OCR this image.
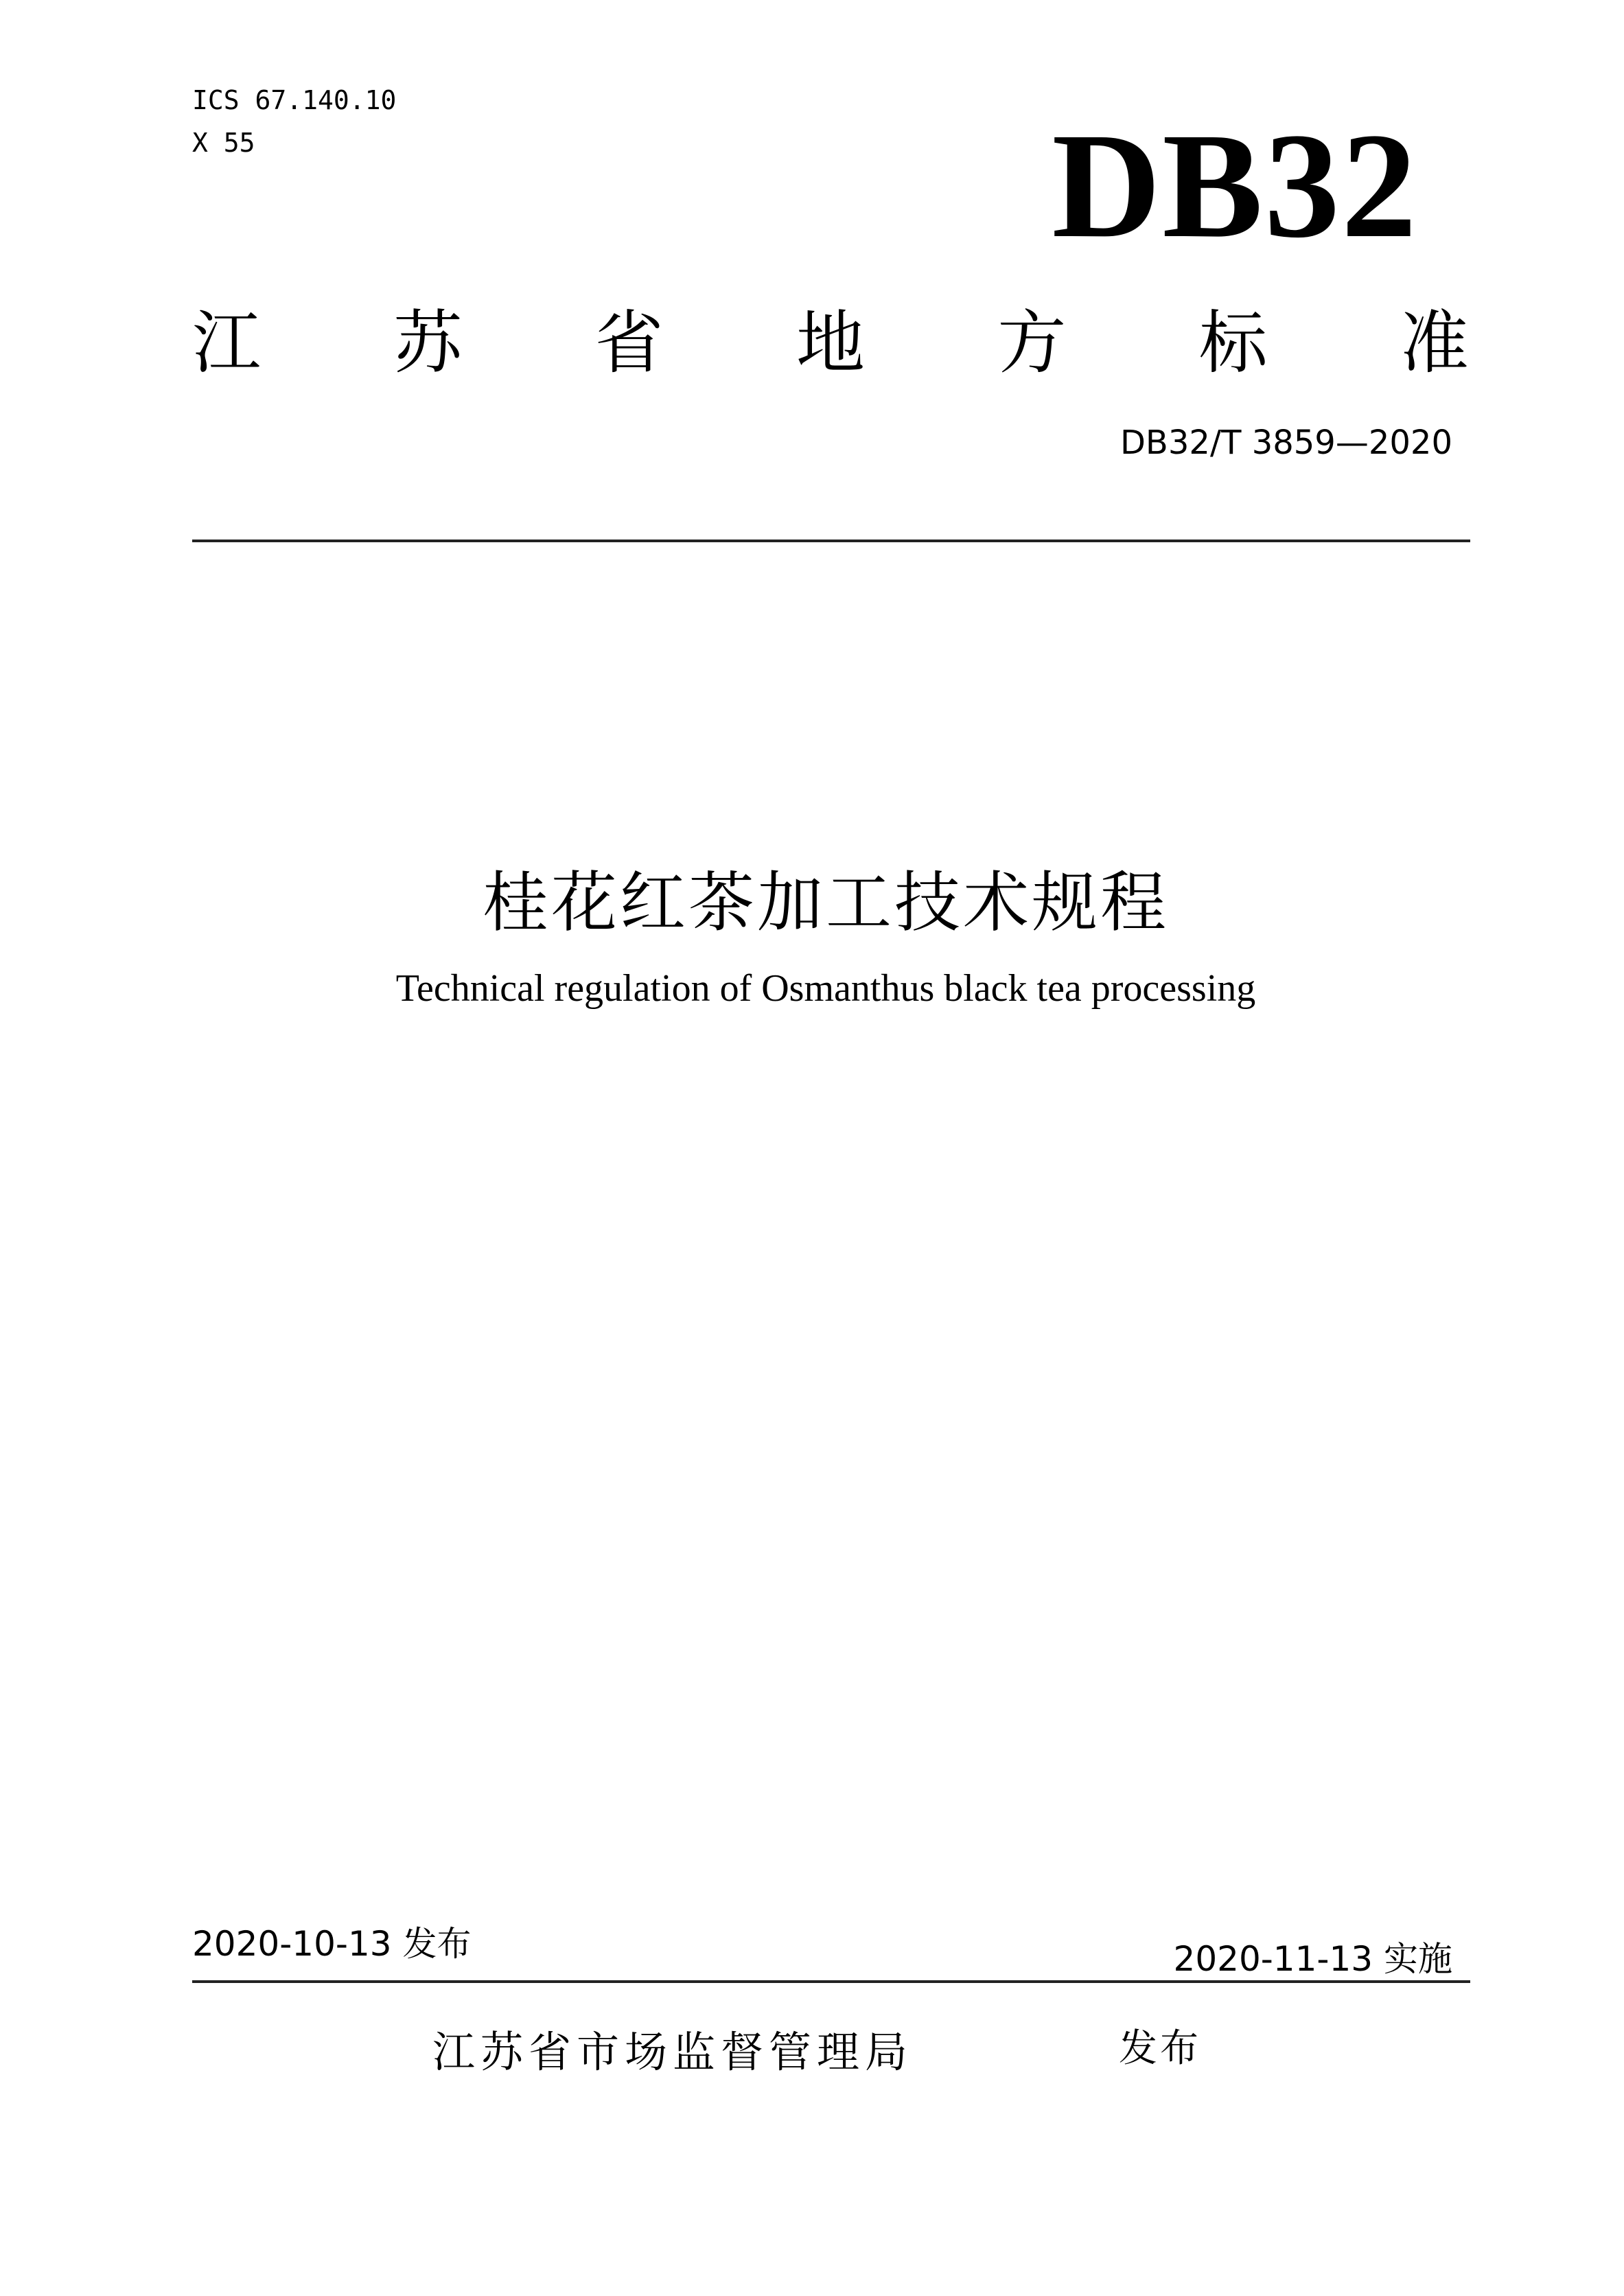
ICS 67.140.10
X 55	DB32
江 苏 省 地 方 标 准
DB32/T 3859—2020
桂花红茶加工技术规程
Technical regulation of Osmanthus black tea processing
2020-10-13 发布	2020-11-13 实施
江苏省市场监督管理局	发布
